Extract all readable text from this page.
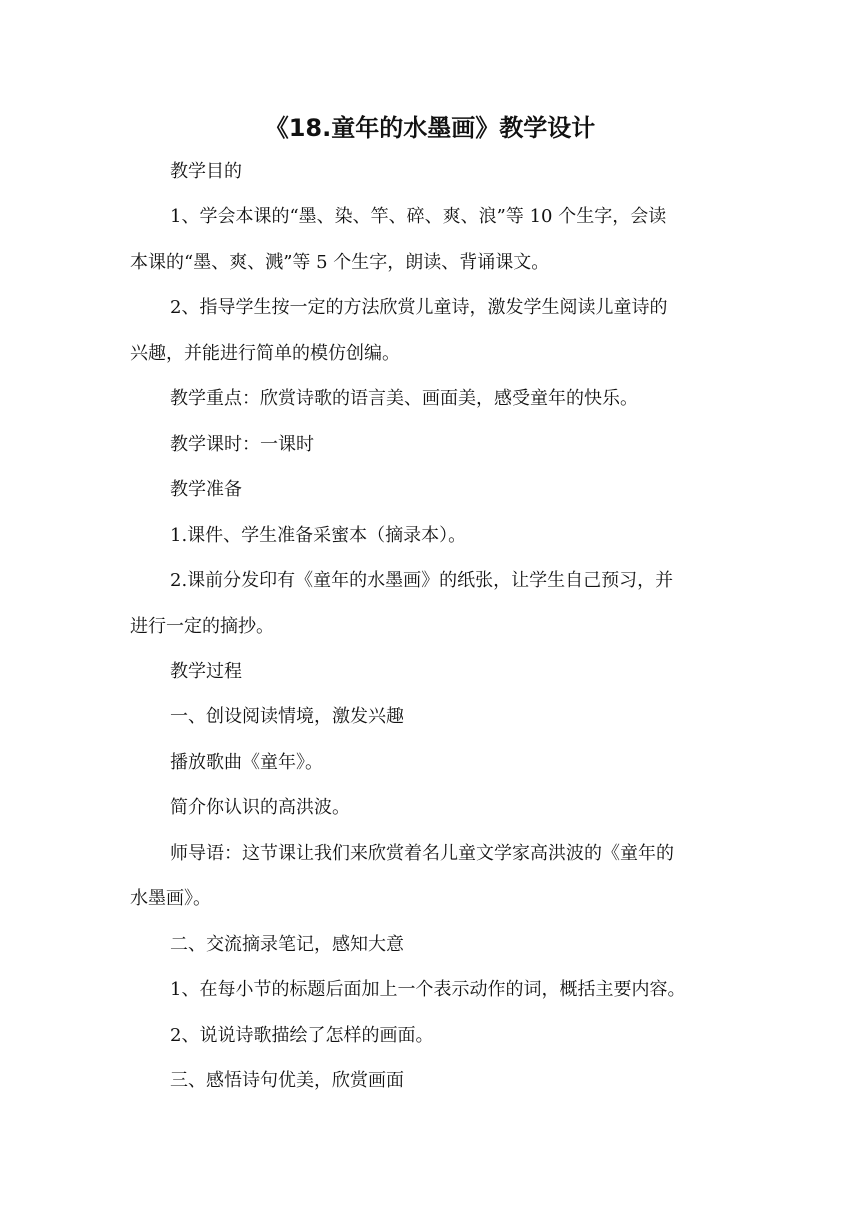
《18.童年的水墨画》教学设计

教学目的

1、学会本课的“墨、染、竿、碎、爽、浪”等 10 个生字，会读

本课的“墨、爽、溅”等 5 个生字，朗读、背诵课文。

2、指导学生按一定的方法欣赏儿童诗，激发学生阅读儿童诗的

兴趣，并能进行简单的模仿创编。

教学重点：欣赏诗歌的语言美、画面美，感受童年的快乐。

教学课时：一课时

教学准备

1.课件、学生准备采蜜本（摘录本）。

2.课前分发印有《童年的水墨画》的纸张，让学生自己预习，并

进行一定的摘抄。

教学过程

一、创设阅读情境，激发兴趣

播放歌曲《童年》。

简介你认识的高洪波。

师导语：这节课让我们来欣赏着名儿童文学家高洪波的《童年的

水墨画》。

二、交流摘录笔记，感知大意

1、在每小节的标题后面加上一个表示动作的词，概括主要内容。

2、说说诗歌描绘了怎样的画面。

三、感悟诗句优美，欣赏画面
